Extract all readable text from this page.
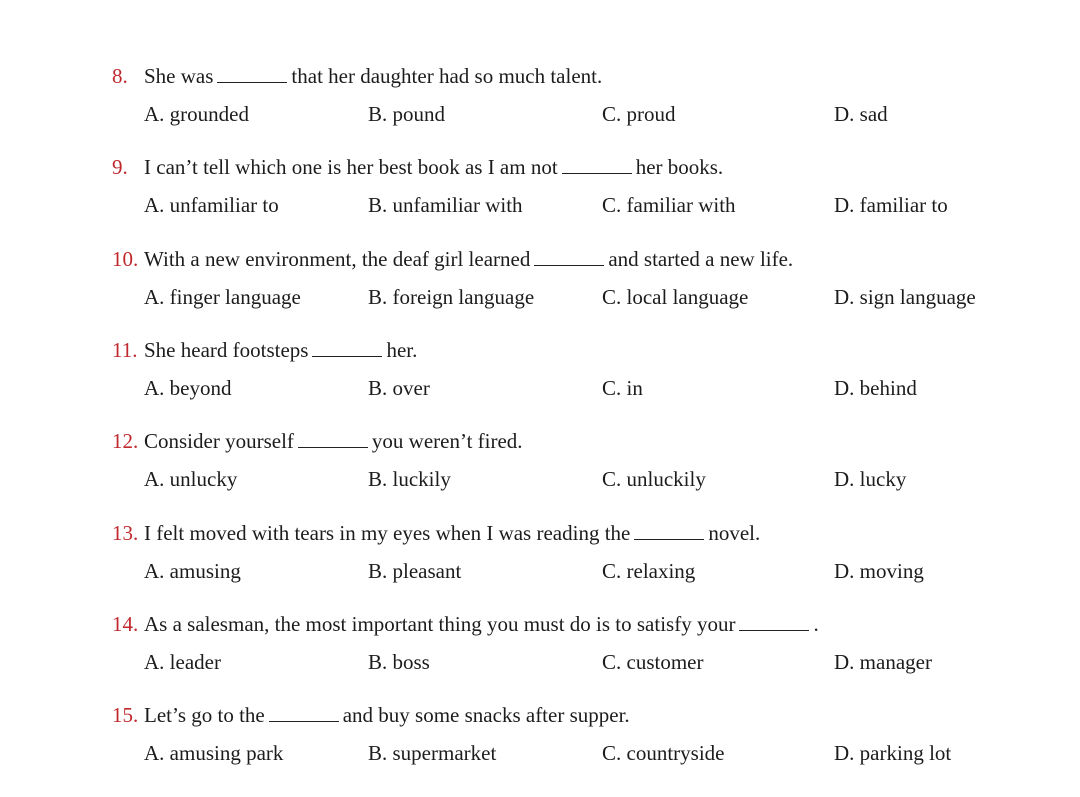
8. She was	that her daughter had so much talent.
A. grounded	B. pound	C. proud	D. sad
9. I can’t tell which one is her best book as I am not	her books.
A. unfamiliar to	B. unfamiliar with	C. familiar with	D. familiar to
10. With a new environment, the deaf girl learned	and started a new life.
A. finger language	B. foreign language	C. local language	D. sign language
11. She heard footsteps	her.
A. beyond	B. over	C. in	D. behind
12. Consider yourself	you weren’t fired.
A. unlucky	B. luckily	C. unluckily	D. lucky
13. I felt moved with tears in my eyes when I was reading the	novel.
A. amusing	B. pleasant	C. relaxing	D. moving
14. As a salesman, the most important thing you must do is to satisfy your	.
A. leader	B. boss	C. customer	D. manager
15. Let’s go to the	and buy some snacks after supper.
A. amusing park	B. supermarket	C. countryside	D. parking lot
